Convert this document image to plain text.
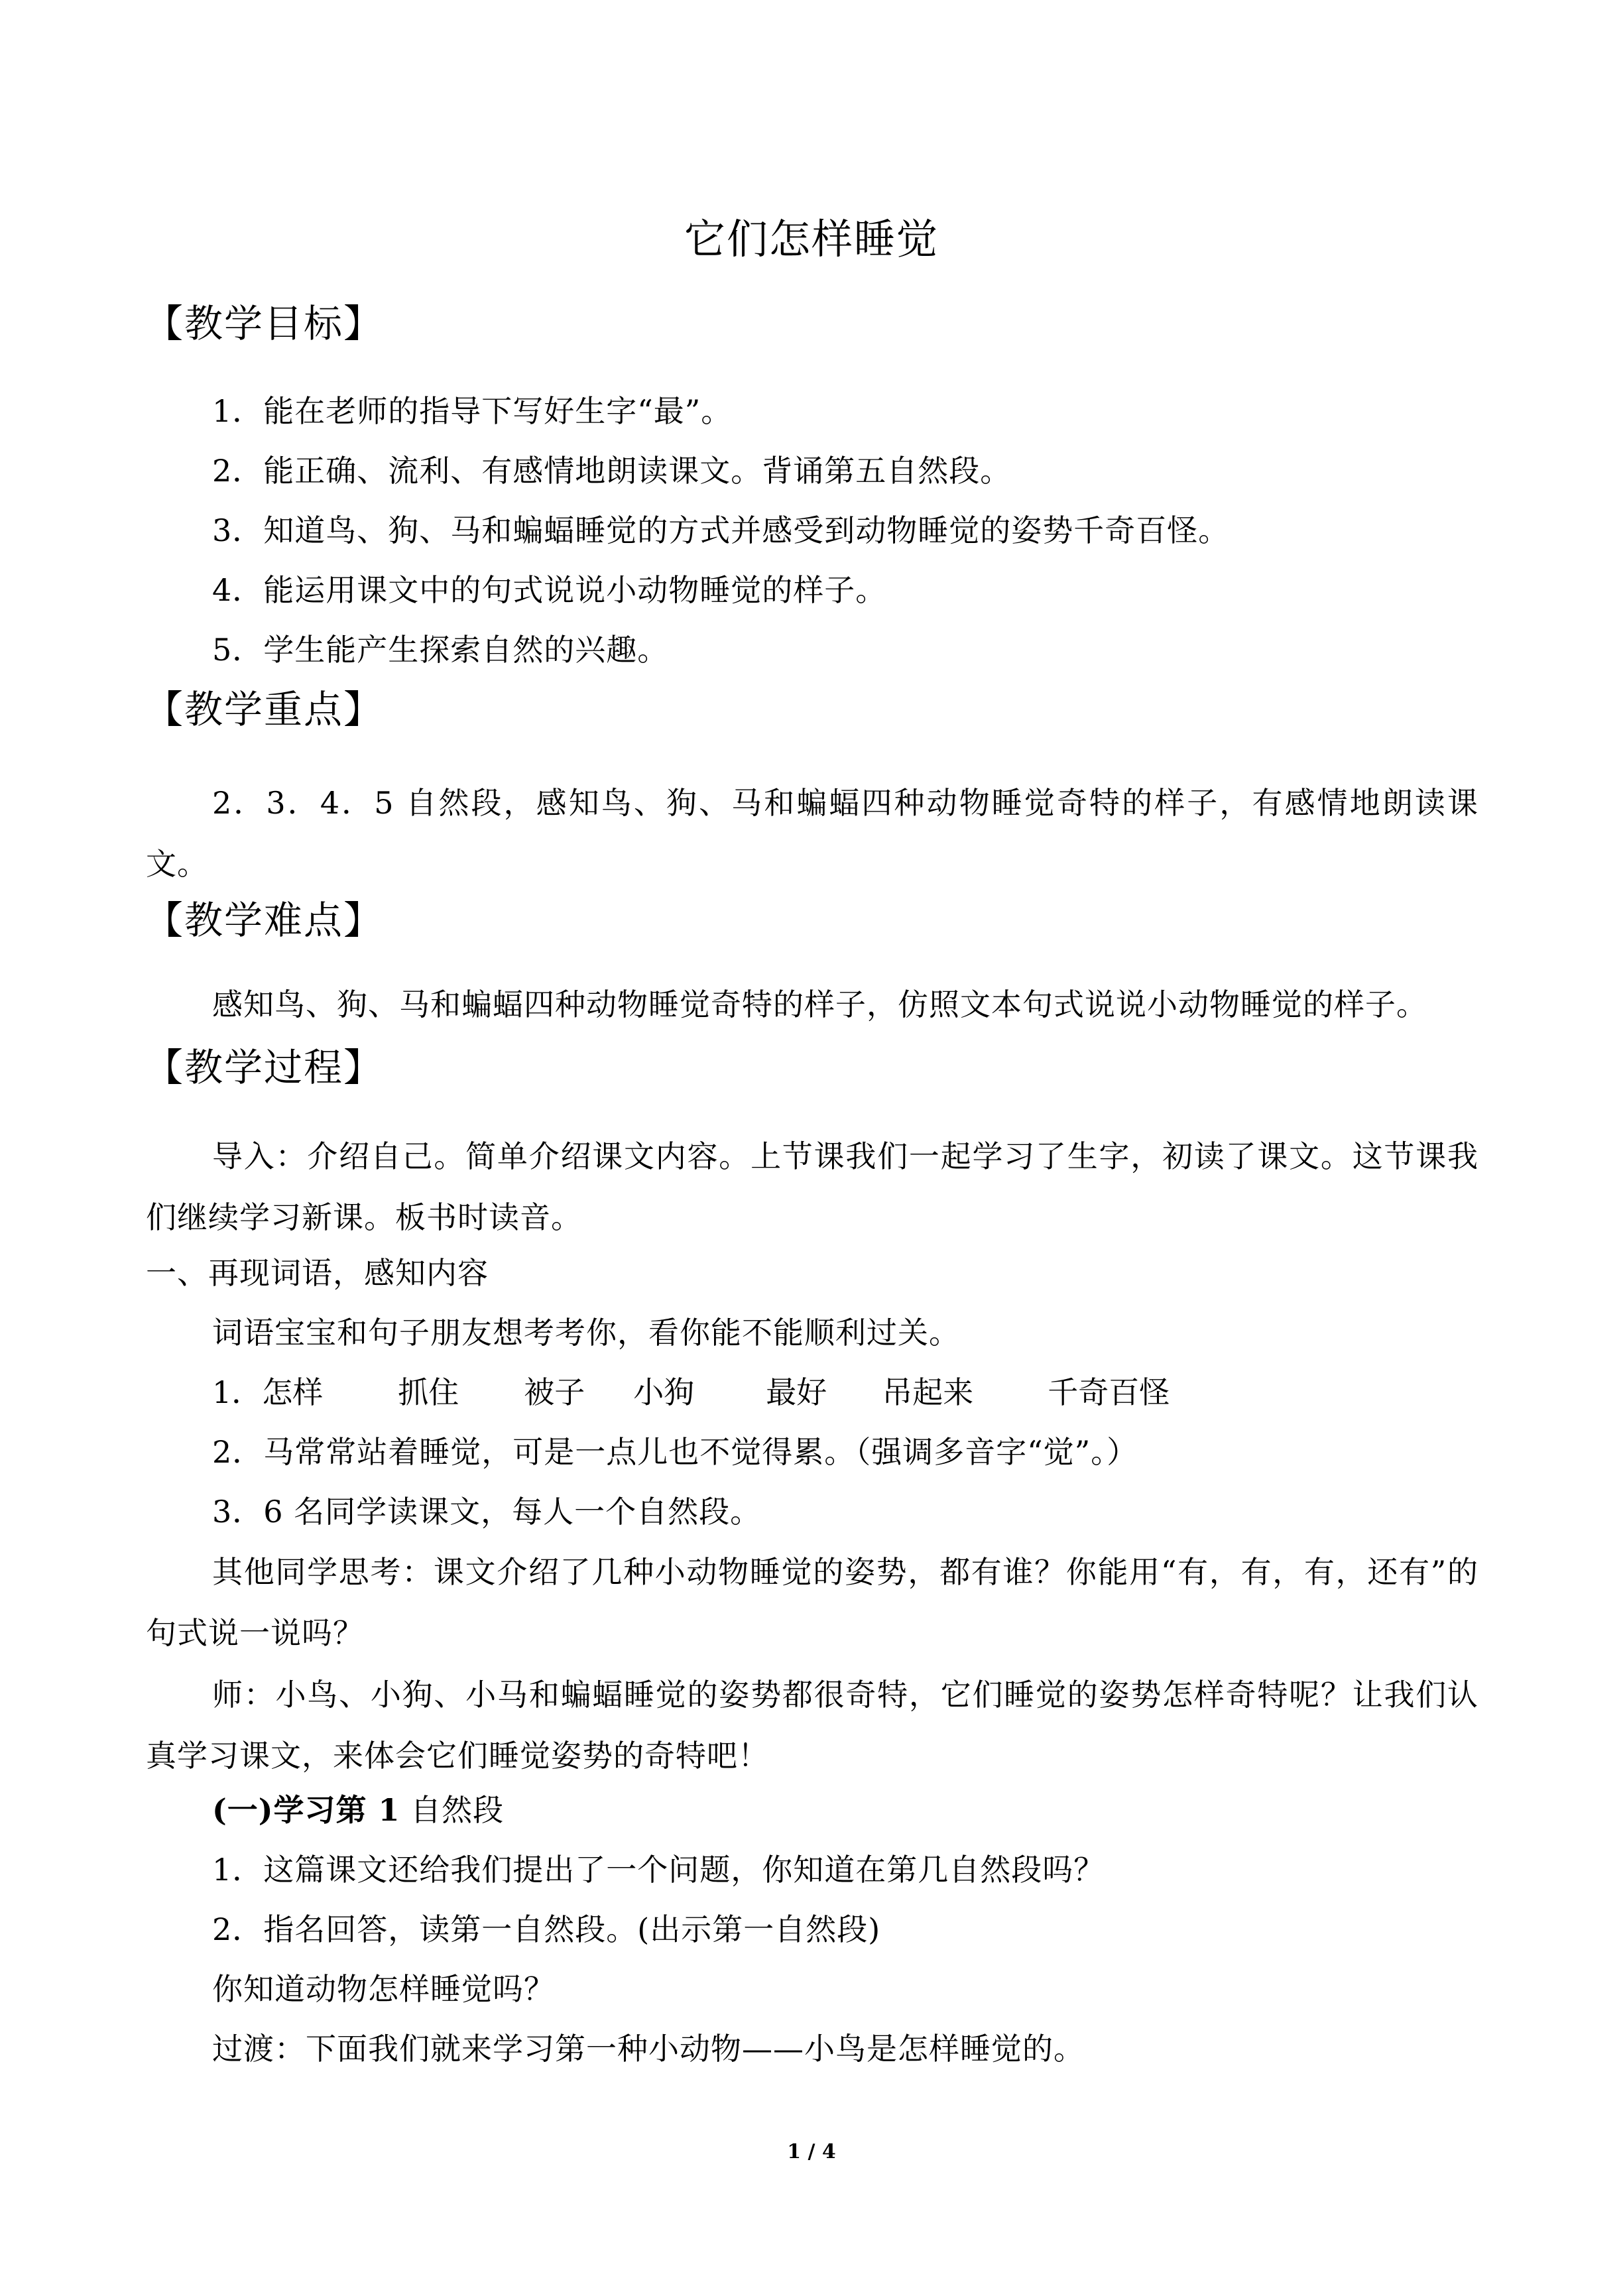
它们怎样睡觉
【教学目标】
1．能在老师的指导下写好生字“最”。
2．能正确、流利、有感情地朗读课文。背诵第五自然段。
3．知道鸟、狗、马和蝙蝠睡觉的方式并感受到动物睡觉的姿势千奇百怪。
4．能运用课文中的句式说说小动物睡觉的样子。
5．学生能产生探索自然的兴趣。
【教学重点】
2．3．4．5 自然段，感知鸟、狗、马和蝙蝠四种动物睡觉奇特的样子，有感情地朗读课文。
【教学难点】
感知鸟、狗、马和蝙蝠四种动物睡觉奇特的样子，仿照文本句式说说小动物睡觉的样子。
【教学过程】
导入：介绍自己。简单介绍课文内容。上节课我们一起学习了生字，初读了课文。这节课我们继续学习新课。板书时读音。
一、再现词语，感知内容
词语宝宝和句子朋友想考考你，看你能不能顺利过关。
1．怎样 抓住 被子 小狗 最好 吊起来 千奇百怪
2．马常常站着睡觉，可是一点儿也不觉得累。（强调多音字“觉”。）
3．6 名同学读课文，每人一个自然段。
其他同学思考：课文介绍了几种小动物睡觉的姿势，都有谁？你能用“有，有，有，还有”的句式说一说吗？
师：小鸟、小狗、小马和蝙蝠睡觉的姿势都很奇特，它们睡觉的姿势怎样奇特呢？让我们认真学习课文，来体会它们睡觉姿势的奇特吧！
(一)学习第 1 自然段
1．这篇课文还给我们提出了一个问题，你知道在第几自然段吗？
2．指名回答，读第一自然段。(出示第一自然段)
你知道动物怎样睡觉吗？
过渡：下面我们就来学习第一种小动物——小鸟是怎样睡觉的。
1 / 4
